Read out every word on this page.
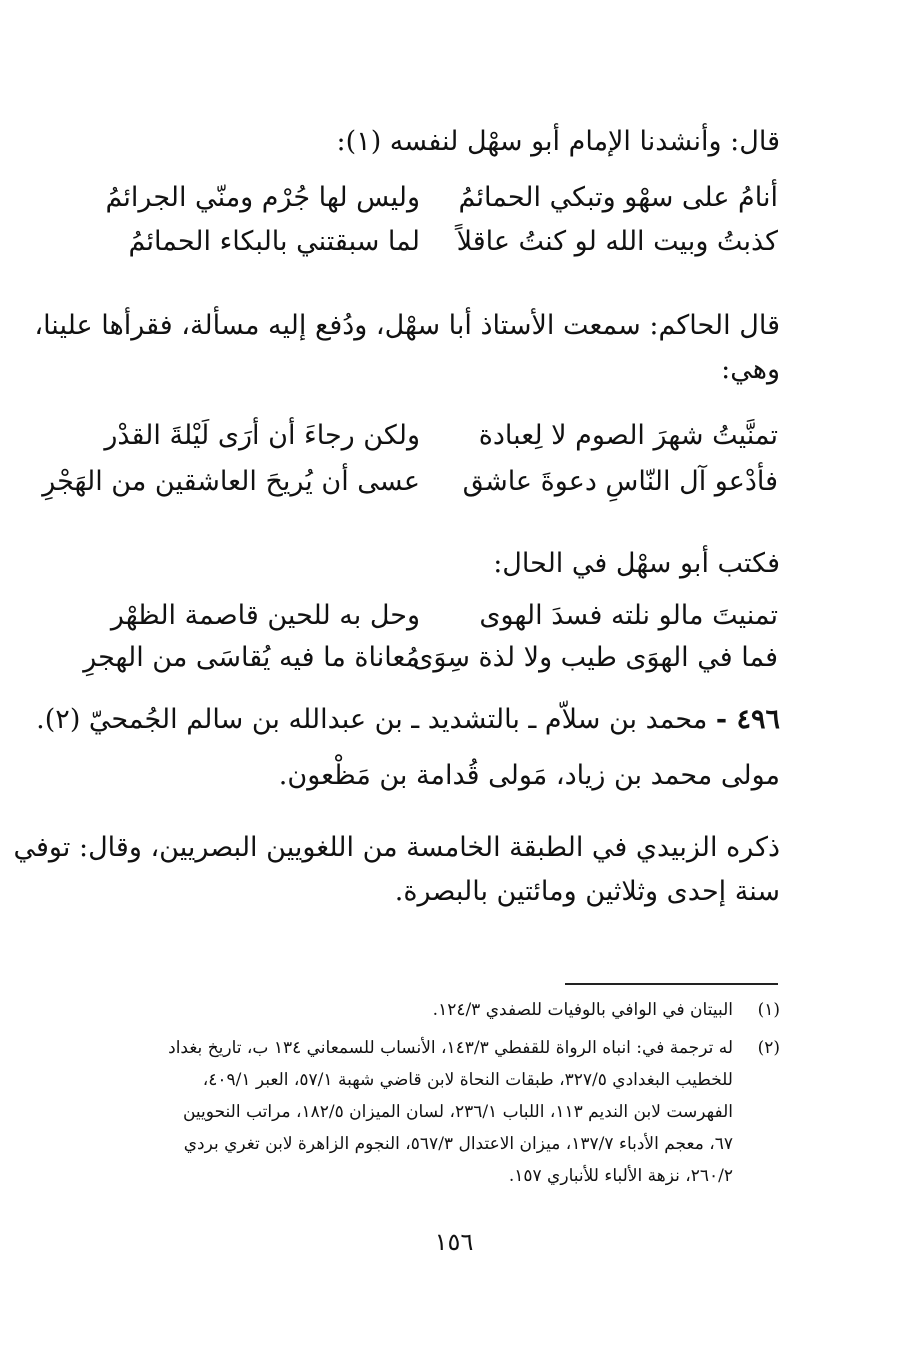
قال: وأنشدنا الإمام أبو سهْل لنفسه (١):
أنامُ على سهْو وتبكي الحمائمُ
وليس لها جُرْم ومنّي الجرائمُ
كذبتُ وبيت الله لو كنتُ عاقلاً
لما سبقتني بالبكاء الحمائمُ
قال الحاكم: سمعت الأستاذ أبا سهْل، ودُفع إليه مسألة، فقرأها علينا،
وهي:
تمنَّيتُ شهرَ الصوم لا لِعبادة
ولكن رجاءَ أن أرَى لَيْلةَ القدْر
فأدْعو آل النّاسِ دعوةَ عاشق
عسى أن يُريحَ العاشقين من الهَجْرِ
فكتب أبو سهْل في الحال:
تمنيتَ مالو نلته فسدَ الهوى
وحل به للحين قاصمة الظهْر
فما في الهوَى طيب ولا لذة سِوَى
مُعاناة ما فيه يُقاسَى من الهجرِ
٤٩٦ - محمد بن سلاّم ـ بالتشديد ـ بن عبدالله بن سالم الجُمحيّ (٢).
مولى محمد بن زياد، مَولى قُدامة بن مَظْعون.
ذكره الزبيدي في الطبقة الخامسة من اللغويين البصريين، وقال: توفي
سنة إحدى وثلاثين ومائتين بالبصرة.
(١)
البيتان في الوافي بالوفيات للصفدي ١٢٤/٣.
(٢)
له ترجمة في: انباه الرواة للقفطي ١٤٣/٣، الأنساب للسمعاني ١٣٤ ب، تاريخ بغداد
للخطيب البغدادي ٣٢٧/٥، طبقات النحاة لابن قاضي شهبة ٥٧/١، العبر ٤٠٩/١،
الفهرست لابن النديم ١١٣، اللباب ٢٣٦/١، لسان الميزان ١٨٢/٥، مراتب النحويين
٦٧، معجم الأدباء ١٣٧/٧، ميزان الاعتدال ٥٦٧/٣، النجوم الزاهرة لابن تغري بردي
٢٦٠/٢، نزهة الألباء للأنباري ١٥٧.
١٥٦
